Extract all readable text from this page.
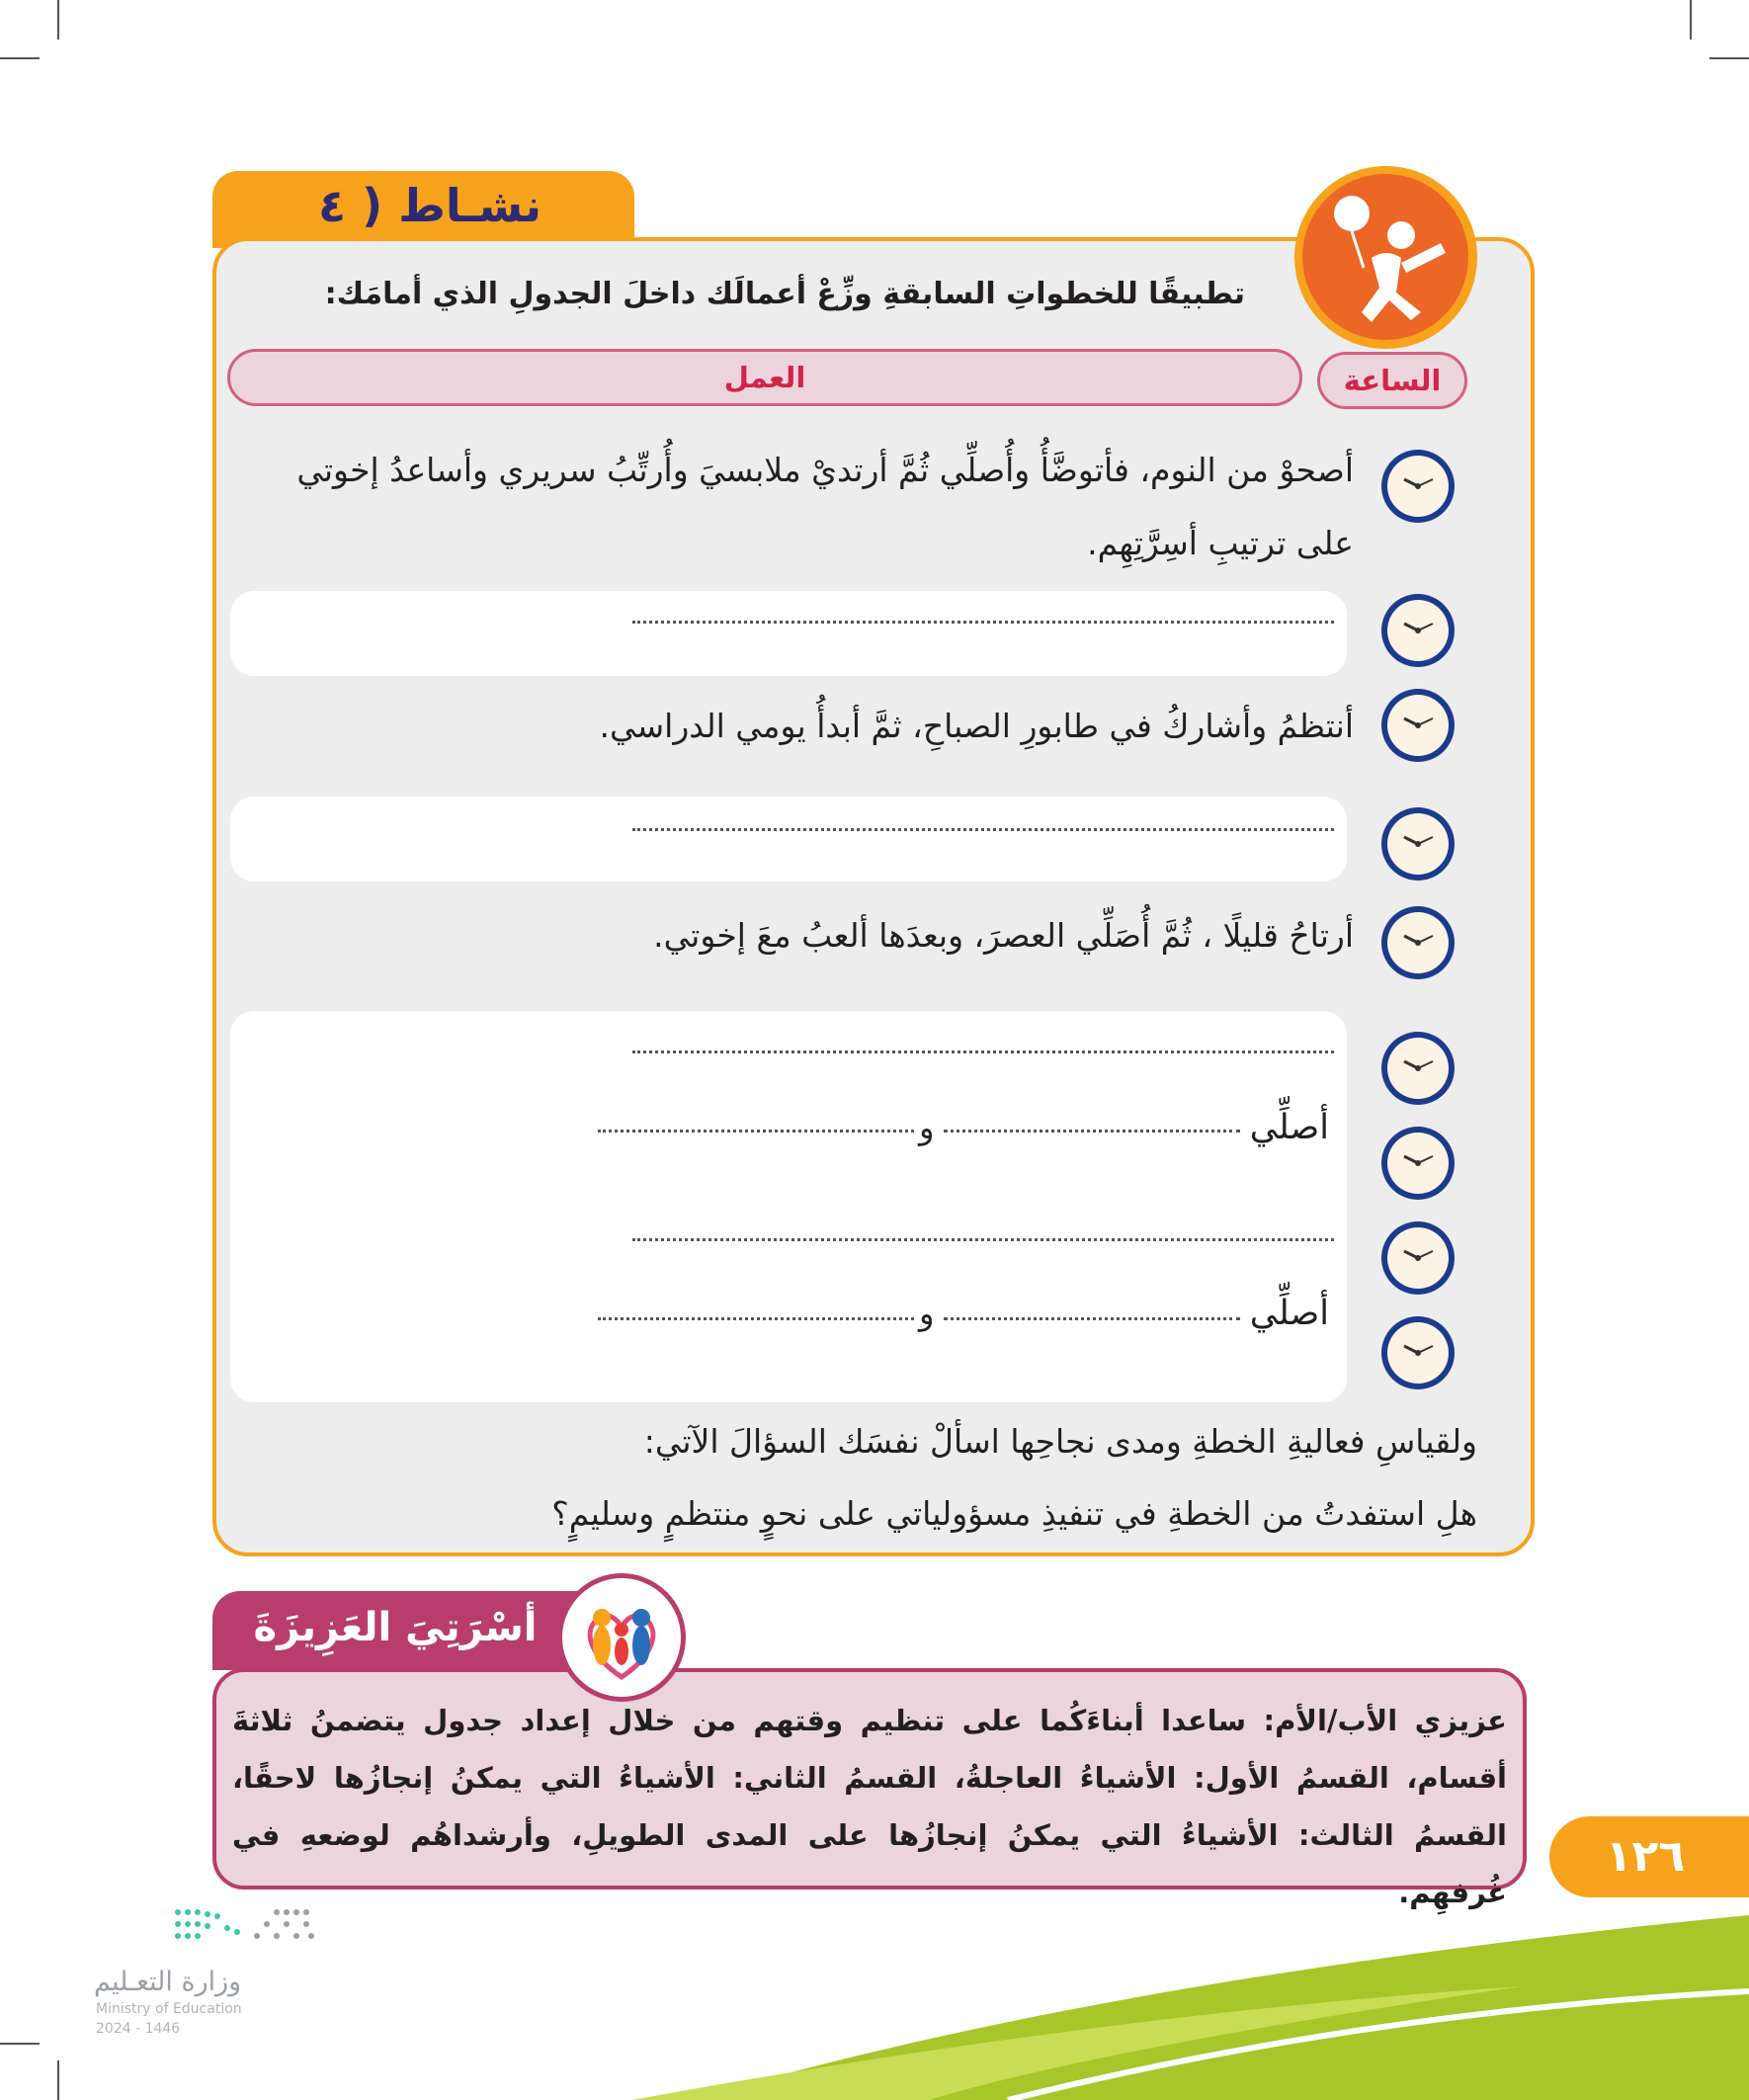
نشـاط ( ٤
تطبيقًا للخطواتِ السابقةِ وزِّعْ أعمالَك داخلَ الجدولِ الذي أمامَك:
الساعة
العمل
أصحوْ من النوم، فأتوضَّأُ وأُصلِّي ثُمَّ أرتديْ ملابسيَ وأُرتِّبُ سريري وأساعدُ إخوتي
على ترتيبِ أسِرَّتِهِم.
أنتظمُ وأشاركُ في طابورِ الصباحِ، ثمَّ أبدأُ يومي الدراسي.
أرتاحُ قليلًا ، ثُمَّ أُصَلِّي العصرَ، وبعدَها ألعبُ معَ إخوتي.
أصلِّي
و
أصلِّي
و
ولقياسِ فعاليةِ الخطةِ ومدى نجاحِها اسألْ نفسَك السؤالَ الآتي:
هلِ استفدتُ من الخطةِ في تنفيذِ مسؤولياتي على نحوٍ منتظمٍ وسليمٍ؟
أسْرَتِيَ العَزِيزَةَ
عزيزي الأب/الأم: ساعدا أبناءَكُما على تنظيم وقتهم من خلال إعداد جدول يتضمنُ ثلاثةَ أقسام، القسمُ الأول: الأشياءُ العاجلةُ، القسمُ الثاني: الأشياءُ التي يمكنُ إنجازُها لاحقًا، القسمُ الثالث: الأشياءُ التي يمكنُ إنجازُها على المدى الطويلِ، وأرشداهُم لوضعهِ في غُرفهِم.
١٢٦
وزارة التعـليم
Ministry of Education
2024 - 1446
